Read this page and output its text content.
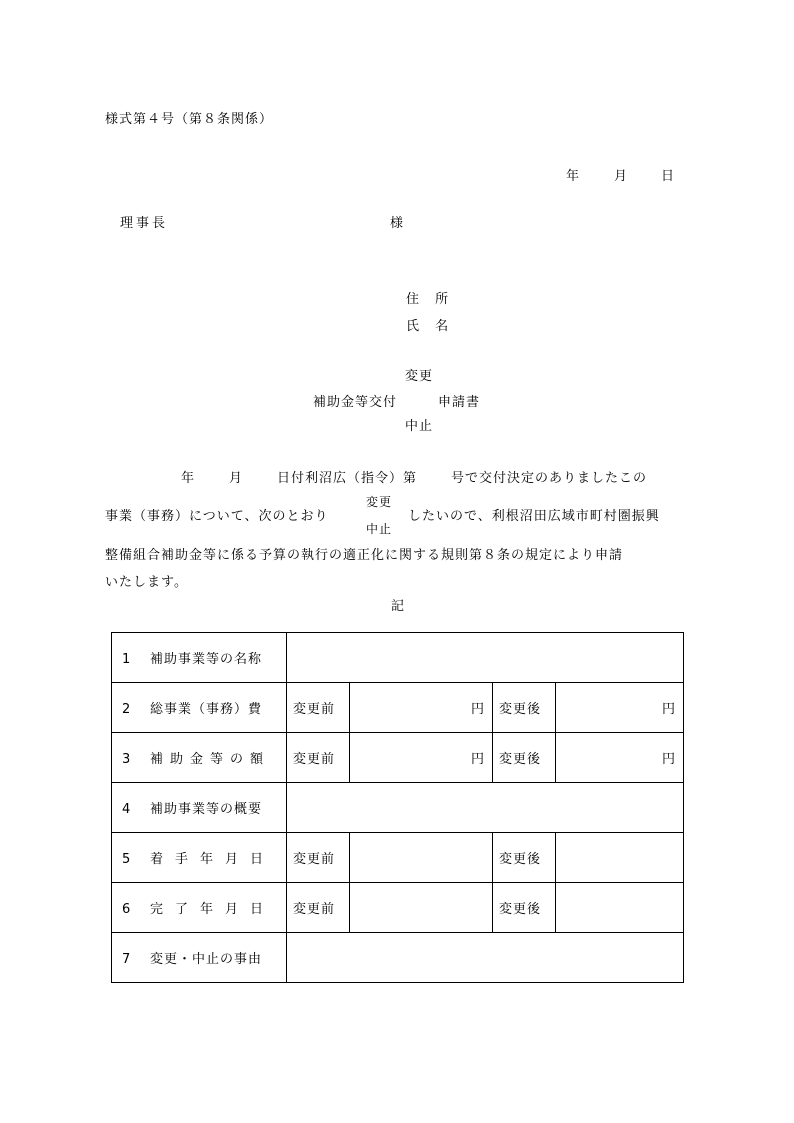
様式第４号（第８条関係）
年	月	日
理事長	様
住 所
氏 名
変更
補助金等交付	申請書
中止
年	月	日付利沼広（指令）第	号で交付決定のありましたこの
事業（事務）について、次のとおり
変更
中止
したいので、利根沼田広域市町村圏振興
整備組合補助金等に係る予算の執行の適正化に関する規則第８条の規定により申請
いたします。
記
1 補助事業等の名称				
2 総事業（事務）費	変更前	円	変更後	円
3 補助金等の額	変更前	円	変更後	円
4 補助事業等の概要				
5 着手年月日	変更前		変更後	
6 完了年月日	変更前		変更後	
7 変更・中止の事由				
